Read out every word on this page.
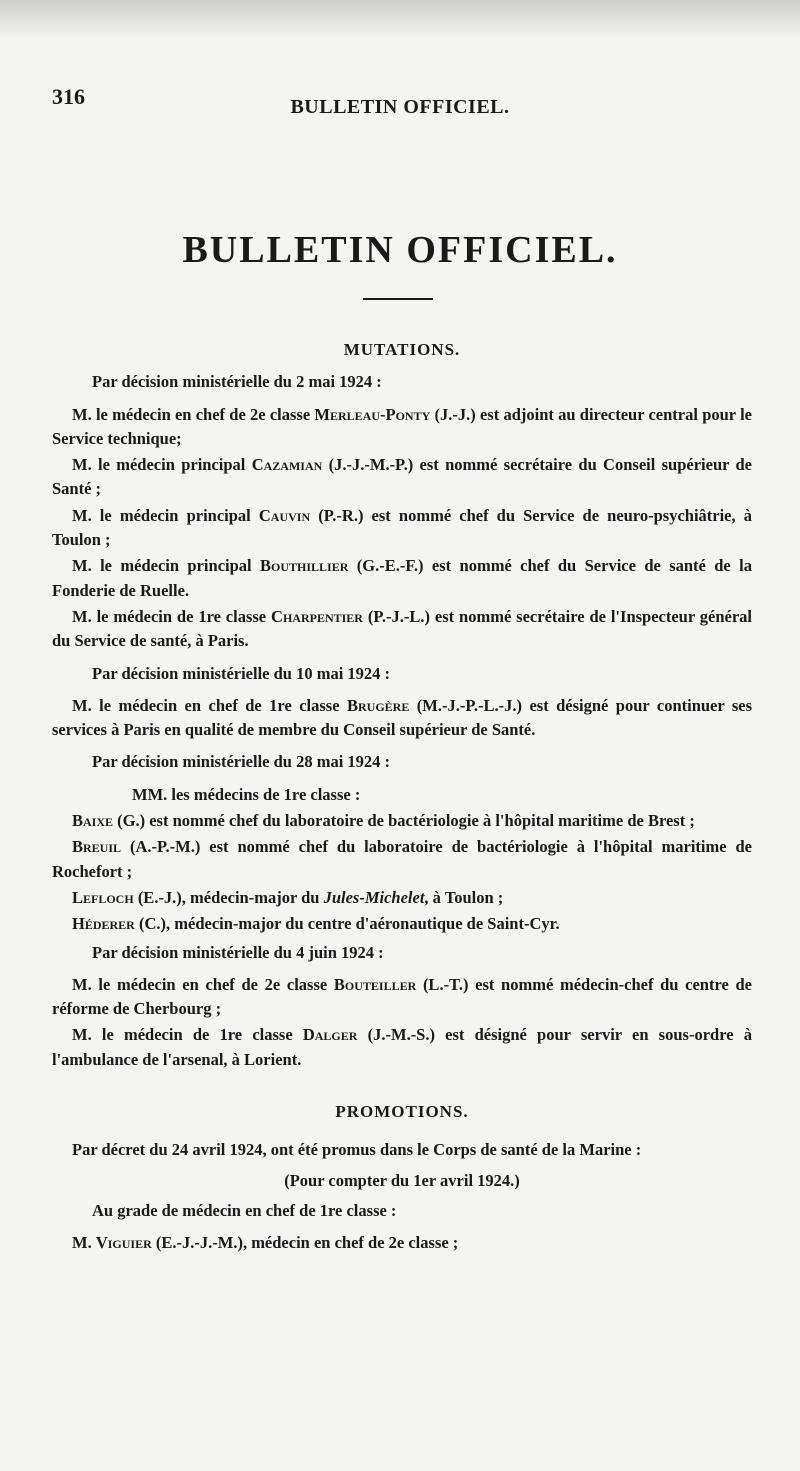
316	BULLETIN OFFICIEL.
BULLETIN OFFICIEL.
MUTATIONS.

Par décision ministérielle du 2 mai 1924 :

M. le médecin en chef de 2e classe Merleau-Ponty (J.-J.) est adjoint au directeur central pour le Service technique;

M. le médecin principal Cazamian (J.-J.-M.-P.) est nommé secrétaire du Conseil supérieur de Santé ;

M. le médecin principal Cauvin (P.-R.) est nommé chef du Service de neuro-psychiâtrie, à Toulon ;

M. le médecin principal Bouthillier (G.-E.-F.) est nommé chef du Service de santé de la Fonderie de Ruelle.

M. le médecin de 1re classe Charpentier (P.-J.-L.) est nommé secrétaire de l'Inspecteur général du Service de santé, à Paris.

Par décision ministérielle du 10 mai 1924 :

M. le médecin en chef de 1re classe Brugère (M.-J.-P.-L.-J.) est désigné pour continuer ses services à Paris en qualité de membre du Conseil supérieur de Santé.

Par décision ministérielle du 28 mai 1924 :

MM. les médecins de 1re classe :

Baixe (G.) est nommé chef du laboratoire de bactériologie à l'hôpital maritime de Brest ;

Breuil (A.-P.-M.) est nommé chef du laboratoire de bactériologie à l'hôpital maritime de Rochefort ;

Lefloch (E.-J.), médecin-major du Jules-Michelet, à Toulon ;

Héderer (C.), médecin-major du centre d'aéronautique de Saint-Cyr.

Par décision ministérielle du 4 juin 1924 :

M. le médecin en chef de 2e classe Bouteiller (L.-T.) est nommé médecin-chef du centre de réforme de Cherbourg ;

M. le médecin de 1re classe Dalger (J.-M.-S.) est désigné pour servir en sous-ordre à l'ambulance de l'arsenal, à Lorient.

PROMOTIONS.

Par décret du 24 avril 1924, ont été promus dans le Corps de santé de la Marine :

(Pour compter du 1er avril 1924.)

Au grade de médecin en chef de 1re classe :

M. Viguier (E.-J.-J.-M.), médecin en chef de 2e classe ;
